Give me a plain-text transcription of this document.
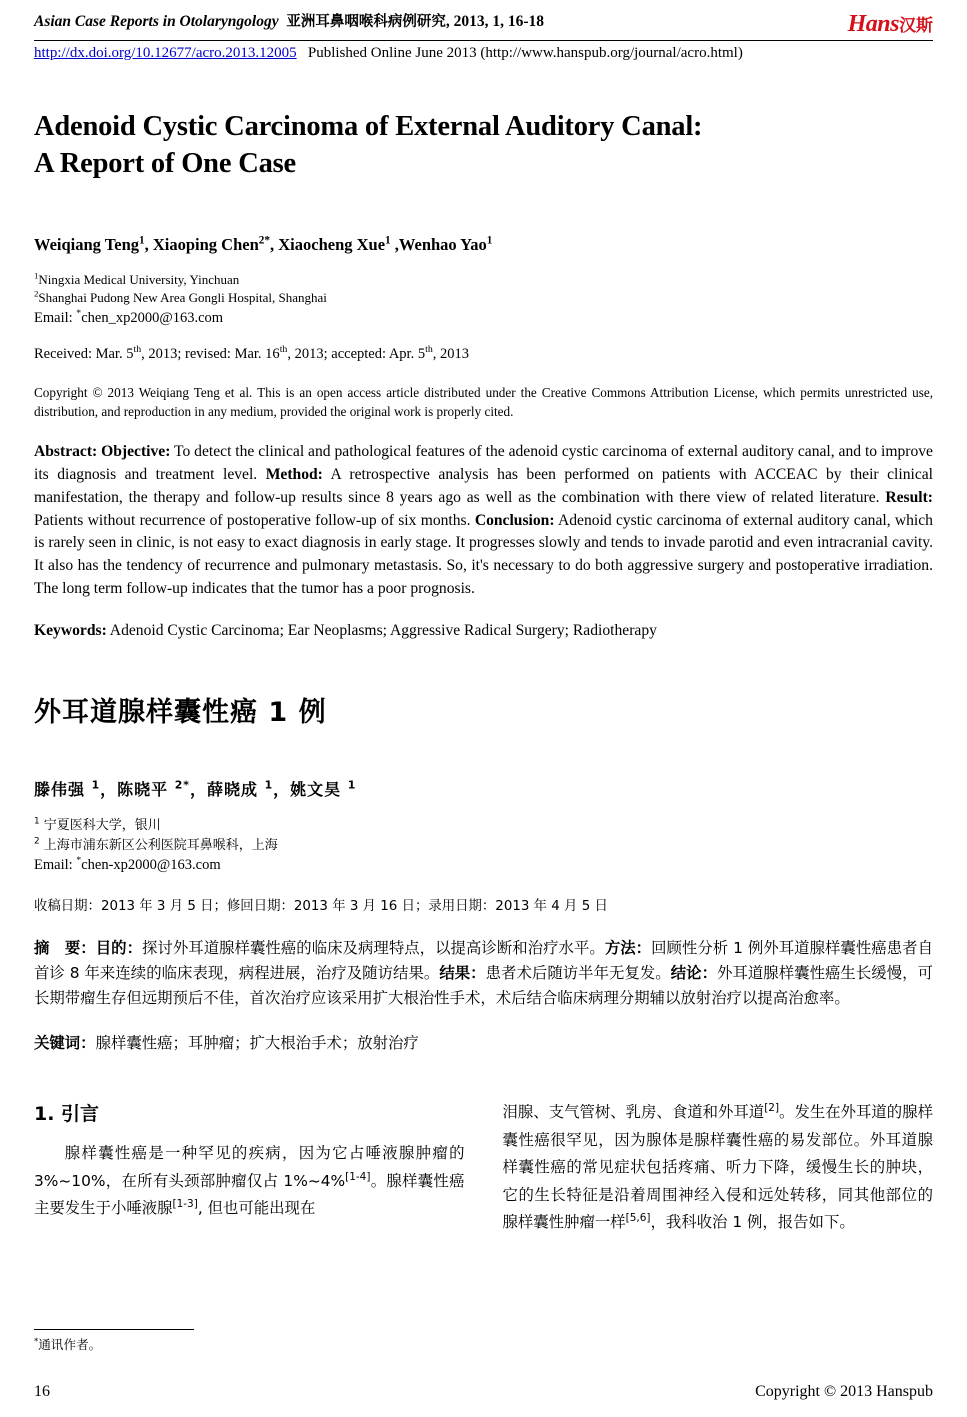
Asian Case Reports in Otolaryngology 亚洲耳鼻咽喉科病例研究, 2013, 1, 16-18	Hans汉斯
http://dx.doi.org/10.12677/acro.2013.12005 Published Online June 2013 (http://www.hanspub.org/journal/acro.html)
Adenoid Cystic Carcinoma of External Auditory Canal:
A Report of One Case
Weiqiang Teng$^1$, Xiaoping Chen$^{2*}$, Xiaocheng Xue$^1$ ,Wenhao Yao$^1$
$^1$Ningxia Medical University, Yinchuan
$^2$Shanghai Pudong New Area Gongli Hospital, Shanghai
Email: *chen_xp2000@163.com
Received: Mar. 5th, 2013; revised: Mar. 16th, 2013; accepted: Apr. 5th, 2013
Copyright © 2013 Weiqiang Teng et al. This is an open access article distributed under the Creative Commons Attribution License, which permits unrestricted use, distribution, and reproduction in any medium, provided the original work is properly cited.
Abstract: Objective: To detect the clinical and pathological features of the adenoid cystic carcinoma of external auditory canal, and to improve its diagnosis and treatment level. Method: A retrospective analysis has been performed on patients with ACCEAC by their clinical manifestation, the therapy and follow-up results since 8 years ago as well as the combination with there view of related literature. Result: Patients without recurrence of postoperative follow-up of six months. Conclusion: Adenoid cystic carcinoma of external auditory canal, which is rarely seen in clinic, is not easy to exact diagnosis in early stage. It progresses slowly and tends to invade parotid and even intracranial cavity. It also has the tendency of recurrence and pulmonary metastasis. So, it's necessary to do both aggressive surgery and postoperative irradiation. The long term follow-up indicates that the tumor has a poor prognosis.
Keywords: Adenoid Cystic Carcinoma; Ear Neoplasms; Aggressive Radical Surgery; Radiotherapy
外耳道腺样囊性癌 1 例
滕伟强 $^1$，陈晓平 $^{2*}$，薛晓成 $^1$，姚文昊 $^1$
$^1$ 宁夏医科大学，银川
$^2$ 上海市浦东新区公利医院耳鼻喉科，上海
Email: *chen-xp2000@163.com
收稿日期：2013 年 3 月 5 日；修回日期：2013 年 3 月 16 日；录用日期：2013 年 4 月 5 日
摘　要：目的：探讨外耳道腺样囊性癌的临床及病理特点，以提高诊断和治疗水平。方法：回顾性分析 1 例外耳道腺样囊性癌患者自首诊 8 年来连续的临床表现，病程进展，治疗及随访结果。结果：患者术后随访半年无复发。结论：外耳道腺样囊性癌生长缓慢，可长期带瘤生存但远期预后不佳，首次治疗应该采用扩大根治性手术，术后结合临床病理分期辅以放射治疗以提高治愈率。
关键词：腺样囊性癌；耳肿瘤；扩大根治手术；放射治疗
1. 引言
腺样囊性癌是一种罕见的疾病，因为它占唾液腺肿瘤的 3%~10%，在所有头颈部肿瘤仅占 1%~4%[1-4]。腺样囊性癌主要发生于小唾液腺[1-3], 但也可能出现在
泪腺、支气管树、乳房、食道和外耳道[2]。发生在外耳道的腺样囊性癌很罕见，因为腺体是腺样囊性癌的易发部位。外耳道腺样囊性癌的常见症状包括疼痛、听力下降，缓慢生长的肿块，它的生长特征是沿着周围神经入侵和远处转移，同其他部位的腺样囊性肿瘤一样[5,6]，我科收治 1 例，报告如下。
*通讯作者。
16	Copyright © 2013 Hanspub
